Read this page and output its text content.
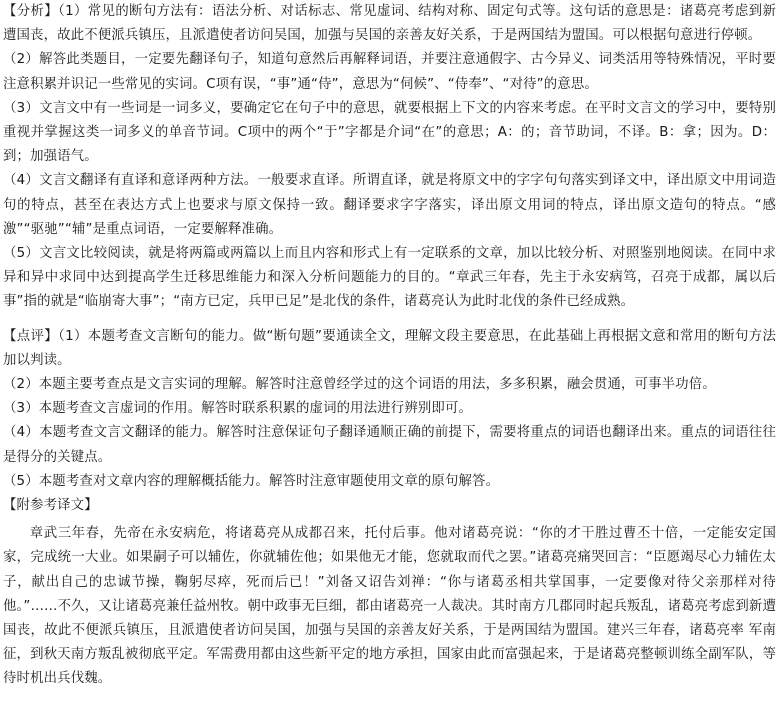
【分析】（1）常见的断句方法有：语法分析、对话标志、常见虚词、结构对称、固定句式等。这句话的意思是：诸葛亮考虑到新遭国丧，故此不便派兵镇压，且派遣使者访问吴国，加强与吴国的亲善友好关系，于是两国结为盟国。可以根据句意进行停顿。

（2）解答此类题目，一定要先翻译句子，知道句意然后再解释词语，并要注意通假字、古今异义、词类活用等特殊情况，平时要注意积累并识记一些常见的实词。C项有误，“事”通“侍”，意思为“伺候”、“侍奉”、“对待”的意思。

（3）文言文中有一些词是一词多义，要确定它在句子中的意思，就要根据上下文的内容来考虑。在平时文言文的学习中，要特别重视并掌握这类一词多义的单音节词。C项中的两个“于”字都是介词“在”的意思；A：的；音节助词，不译。B：拿；因为。D：到；加强语气。

（4）文言文翻译有直译和意译两种方法。一般要求直译。所谓直译，就是将原文中的字字句句落实到译文中，译出原文中用词造句的特点，甚至在表达方式上也要求与原文保持一致。翻译要求字字落实，译出原文用词的特点，译出原文造句的特点。“感激”“驱驰”“辅”是重点词语，一定要解释准确。

（5）文言文比较阅读，就是将两篇或两篇以上而且内容和形式上有一定联系的文章，加以比较分析、对照鉴别地阅读。在同中求异和异中求同中达到提高学生迁移思维能力和深入分析问题能力的目的。“章武三年春，先主于永安病笃，召亮于成都，属以后事”指的就是“临崩寄大事”；“南方已定，兵甲已足”是北伐的条件，诸葛亮认为此时北伐的条件已经成熟。

【点评】（1）本题考查文言断句的能力。做“断句题”要通读全文，理解文段主要意思，在此基础上再根据文意和常用的断句方法加以判读。

（2）本题主要考查点是文言实词的理解。解答时注意曾经学过的这个词语的用法，多多积累，融会贯通，可事半功倍。

（3）本题考查文言虚词的作用。解答时联系积累的虚词的用法进行辨别即可。

（4）本题考查文言文翻译的能力。解答时注意保证句子翻译通顺正确的前提下，需要将重点的词语也翻译出来。重点的词语往往是得分的关键点。

（5）本题考查对文章内容的理解概括能力。解答时注意审题使用文章的原句解答。

【附参考译文】

章武三年春，先帝在永安病危，将诸葛亮从成都召来，托付后事。他对诸葛亮说：“你的才干胜过曹丕十倍，一定能安定国家，完成统一大业。如果嗣子可以辅佐，你就辅佐他；如果他无才能，您就取而代之罢。”诸葛亮痛哭回言：“臣愿竭尽心力辅佐太子，献出自己的忠诚节操，鞠躬尽瘁，死而后已！”刘备又诏告刘禅：“你与诸葛丞相共掌国事，一定要像对待父亲那样对待他。”……不久，又让诸葛亮兼任益州牧。朝中政事无巨细，都由诸葛亮一人裁决。其时南方几郡同时起兵叛乱，诸葛亮考虑到新遭国丧，故此不便派兵镇压，且派遣使者访问吴国，加强与吴国的亲善友好关系，于是两国结为盟国。建兴三年春，诸葛亮率 军南征，到秋天南方叛乱被彻底平定。军需费用都由这些新平定的地方承担，国家由此而富强起来，于是诸葛亮整顿训练全副军队，等待时机出兵伐魏。
